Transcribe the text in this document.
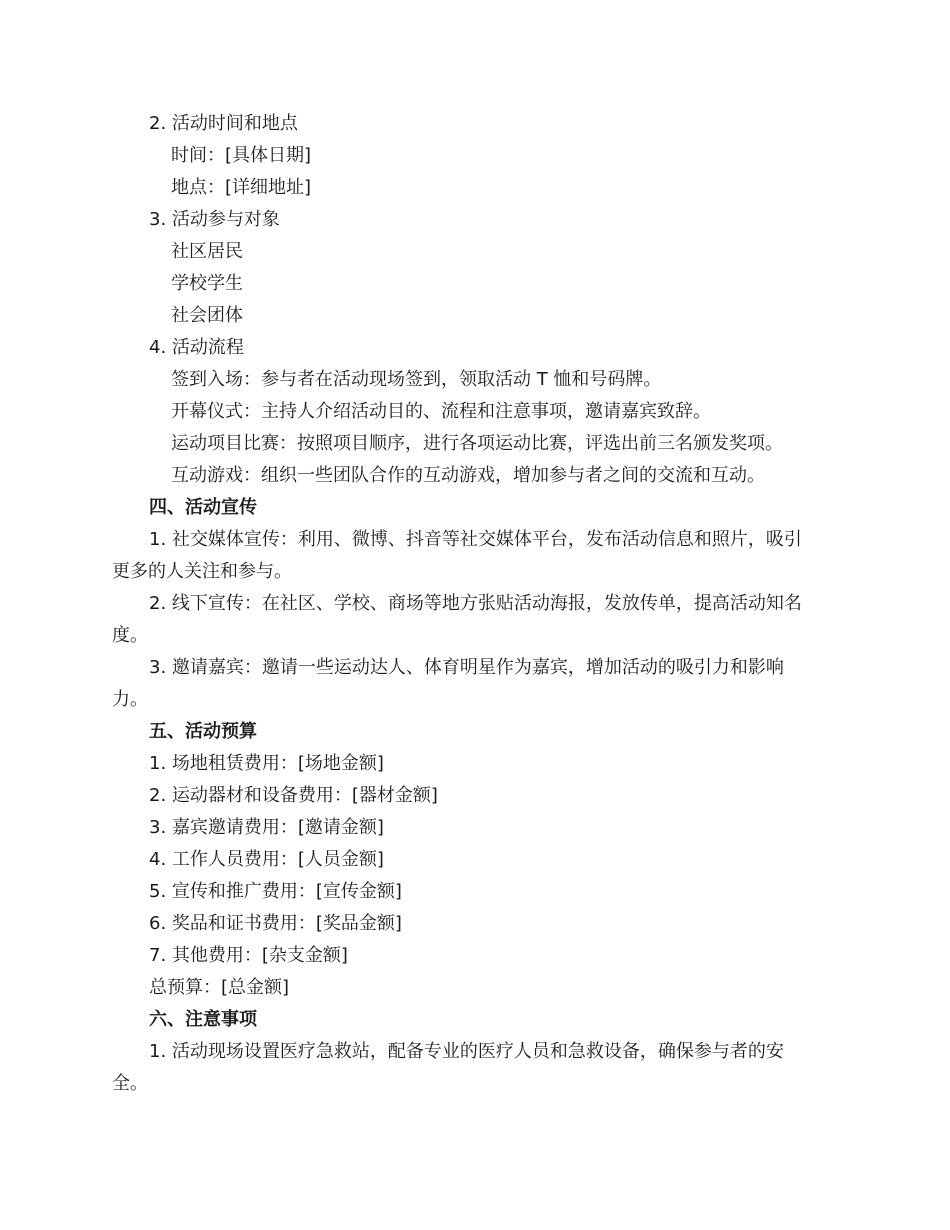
2. 活动时间和地点
时间：[具体日期]
地点：[详细地址]
3. 活动参与对象
社区居民
学校学生
社会团体
4. 活动流程
签到入场：参与者在活动现场签到，领取活动 T 恤和号码牌。
开幕仪式：主持人介绍活动目的、流程和注意事项，邀请嘉宾致辞。
运动项目比赛：按照项目顺序，进行各项运动比赛，评选出前三名颁发奖项。
互动游戏：组织一些团队合作的互动游戏，增加参与者之间的交流和互动。
四、活动宣传
1. 社交媒体宣传：利用、微博、抖音等社交媒体平台，发布活动信息和照片，吸引
更多的人关注和参与。
2. 线下宣传：在社区、学校、商场等地方张贴活动海报，发放传单，提高活动知名
度。
3. 邀请嘉宾：邀请一些运动达人、体育明星作为嘉宾，增加活动的吸引力和影响
力。
五、活动预算
1. 场地租赁费用：[场地金额]
2. 运动器材和设备费用：[器材金额]
3. 嘉宾邀请费用：[邀请金额]
4. 工作人员费用：[人员金额]
5. 宣传和推广费用：[宣传金额]
6. 奖品和证书费用：[奖品金额]
7. 其他费用：[杂支金额]
总预算：[总金额]
六、注意事项
1. 活动现场设置医疗急救站，配备专业的医疗人员和急救设备，确保参与者的安
全。
